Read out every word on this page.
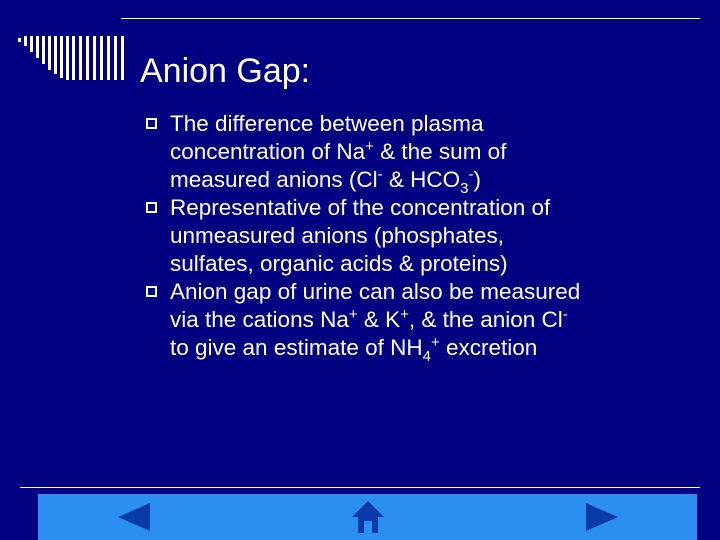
Anion Gap:
The difference between plasma
concentration of Na+ & the sum of
measured anions (Cl- & $HCO_3^-$)
Representative of the concentration of
unmeasured anions (phosphates,
sulfates, organic acids & proteins)
Anion gap of urine can also be measured
via the cations Na+ & K+, & the anion Cl-
to give an estimate of $NH_4^+$ excretion
